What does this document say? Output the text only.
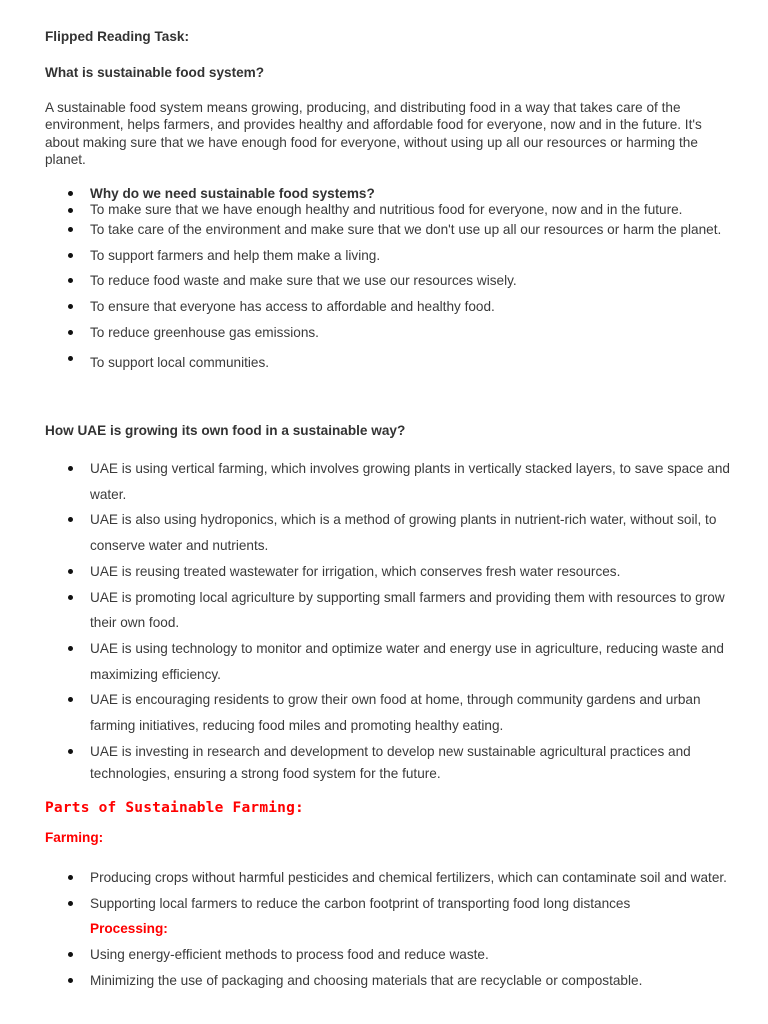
Flipped Reading Task:

What is sustainable food system?

A sustainable food system means growing, producing, and distributing food in a way that takes care of the environment, helps farmers, and provides healthy and affordable food for everyone, now and in the future. It's about making sure that we have enough food for everyone, without using up all our resources or harming the planet.

Why do we need sustainable food systems?
To make sure that we have enough healthy and nutritious food for everyone, now and in the future.
To take care of the environment and make sure that we don't use up all our resources or harm the planet.
To support farmers and help them make a living.
To reduce food waste and make sure that we use our resources wisely.
To ensure that everyone has access to affordable and healthy food.
To reduce greenhouse gas emissions.
To support local communities.

How UAE is growing its own food in a sustainable way?

UAE is using vertical farming, which involves growing plants in vertically stacked layers, to save space and water.
UAE is also using hydroponics, which is a method of growing plants in nutrient-rich water, without soil, to conserve water and nutrients.
UAE is reusing treated wastewater for irrigation, which conserves fresh water resources.
UAE is promoting local agriculture by supporting small farmers and providing them with resources to grow their own food.
UAE is using technology to monitor and optimize water and energy use in agriculture, reducing waste and maximizing efficiency.
UAE is encouraging residents to grow their own food at home, through community gardens and urban farming initiatives, reducing food miles and promoting healthy eating.
UAE is investing in research and development to develop new sustainable agricultural practices and technologies, ensuring a strong food system for the future.

Parts of Sustainable Farming:

Farming:

Producing crops without harmful pesticides and chemical fertilizers, which can contaminate soil and water.
Supporting local farmers to reduce the carbon footprint of transporting food long distances
Processing:
Using energy-efficient methods to process food and reduce waste.
Minimizing the use of packaging and choosing materials that are recyclable or compostable.
